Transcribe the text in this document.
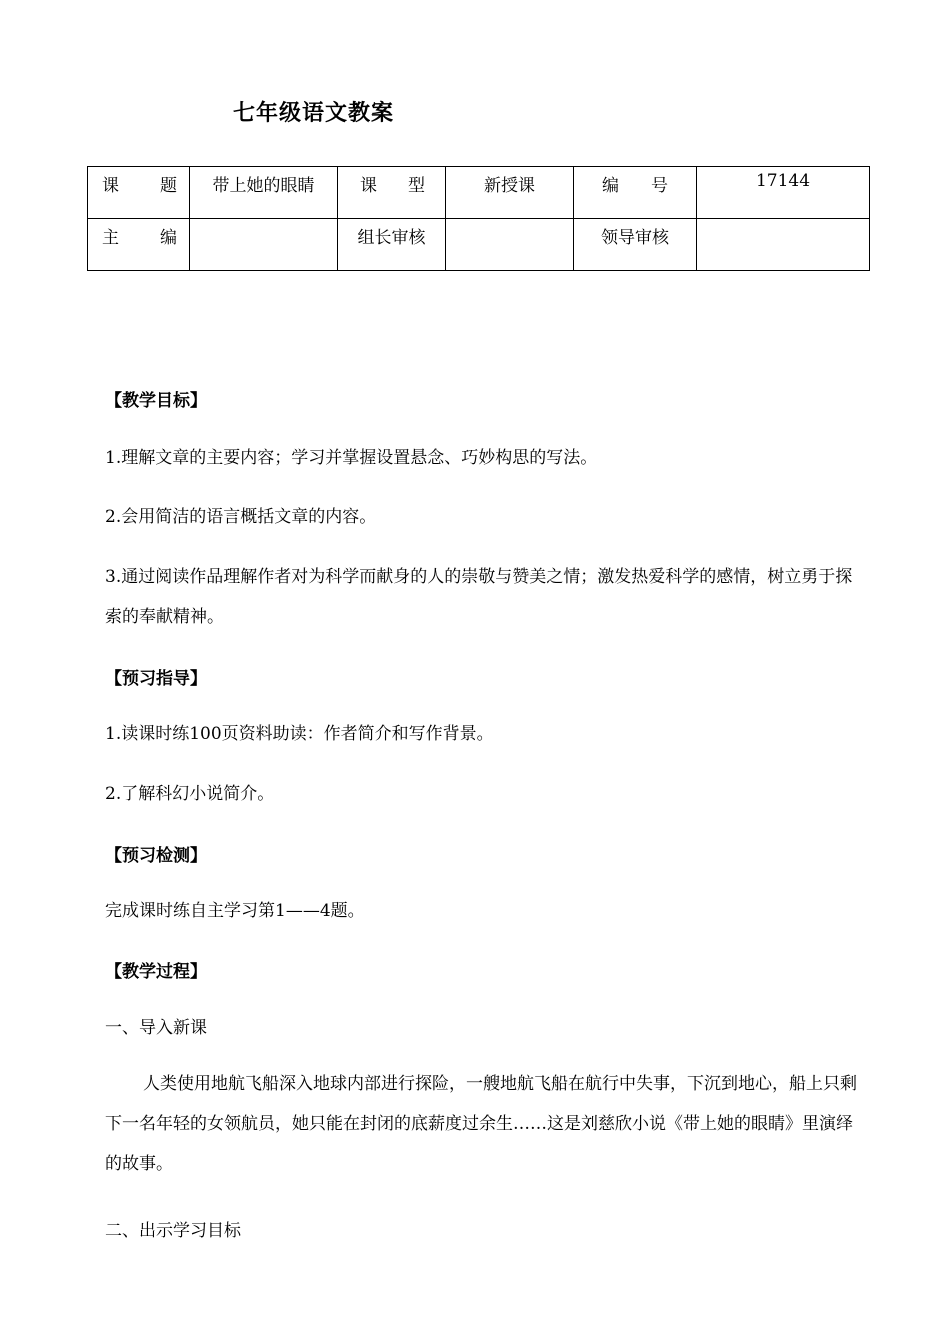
七年级语文教案
课 题	带上她的眼睛	课 型	新授课	编 号	17144

主 编		组长审核		领导审核	
【教学目标】
1.理解文章的主要内容；学习并掌握设置悬念、巧妙构思的写法。
2.会用简洁的语言概括文章的内容。
3.通过阅读作品理解作者对为科学而献身的人的崇敬与赞美之情；激发热爱科学的感情，树立勇于探索的奉献精神。
【预习指导】
1.读课时练100页资料助读：作者简介和写作背景。
2.了解科幻小说简介。
【预习检测】
完成课时练自主学习第1——4题。
【教学过程】
一、导入新课
人类使用地航飞船深入地球内部进行探险，一艘地航飞船在航行中失事，下沉到地心，船上只剩下一名年轻的女领航员，她只能在封闭的底薪度过余生……这是刘慈欣小说《带上她的眼睛》里演绎的故事。
二、出示学习目标
